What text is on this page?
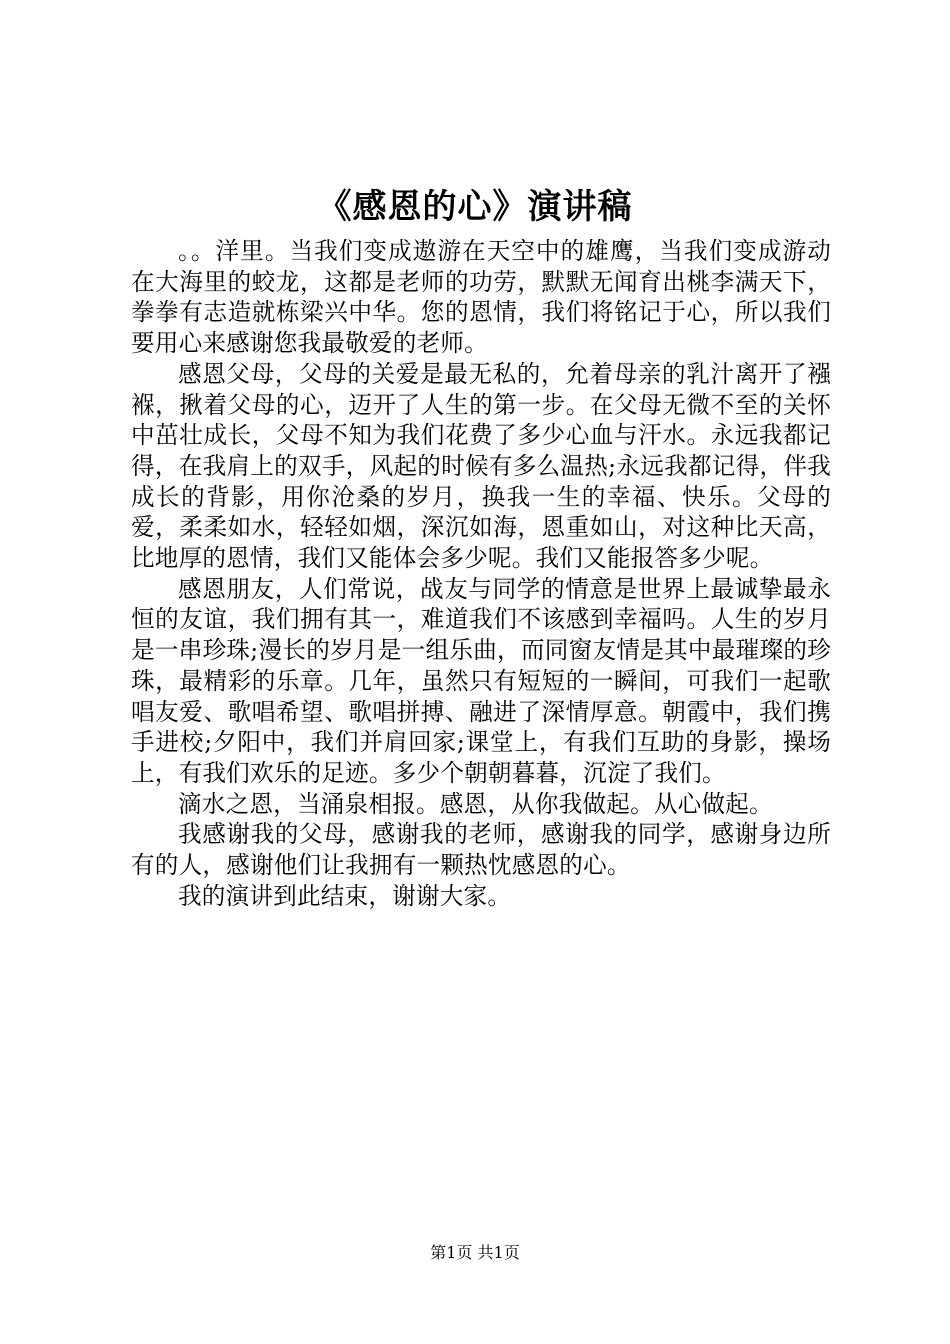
《感恩的心》演讲稿

。。洋里。当我们变成遨游在天空中的雄鹰，当我们变成游动在大海里的蛟龙，这都是老师的功劳，默默无闻育出桃李满天下，拳拳有志造就栋梁兴中华。您的恩情，我们将铭记于心，所以我们要用心来感谢您我最敬爱的老师。

感恩父母，父母的关爱是最无私的，允着母亲的乳汁离开了襁褓，揪着父母的心，迈开了人生的第一步。在父母无微不至的关怀中茁壮成长，父母不知为我们花费了多少心血与汗水。永远我都记得，在我肩上的双手，风起的时候有多么温热;永远我都记得，伴我成长的背影，用你沧桑的岁月，换我一生的幸福、快乐。父母的爱，柔柔如水，轻轻如烟，深沉如海，恩重如山，对这种比天高，比地厚的恩情，我们又能体会多少呢。我们又能报答多少呢。

感恩朋友，人们常说，战友与同学的情意是世界上最诚挚最永恒的友谊，我们拥有其一，难道我们不该感到幸福吗。人生的岁月是一串珍珠;漫长的岁月是一组乐曲，而同窗友情是其中最璀璨的珍珠，最精彩的乐章。几年，虽然只有短短的一瞬间，可我们一起歌唱友爱、歌唱希望、歌唱拼搏、融进了深情厚意。朝霞中，我们携手进校;夕阳中，我们并肩回家;课堂上，有我们互助的身影，操场上，有我们欢乐的足迹。多少个朝朝暮暮，沉淀了我们。

滴水之恩，当涌泉相报。感恩，从你我做起。从心做起。

我感谢我的父母，感谢我的老师，感谢我的同学，感谢身边所有的人，感谢他们让我拥有一颗热忱感恩的心。

我的演讲到此结束，谢谢大家。

第1页 共1页
